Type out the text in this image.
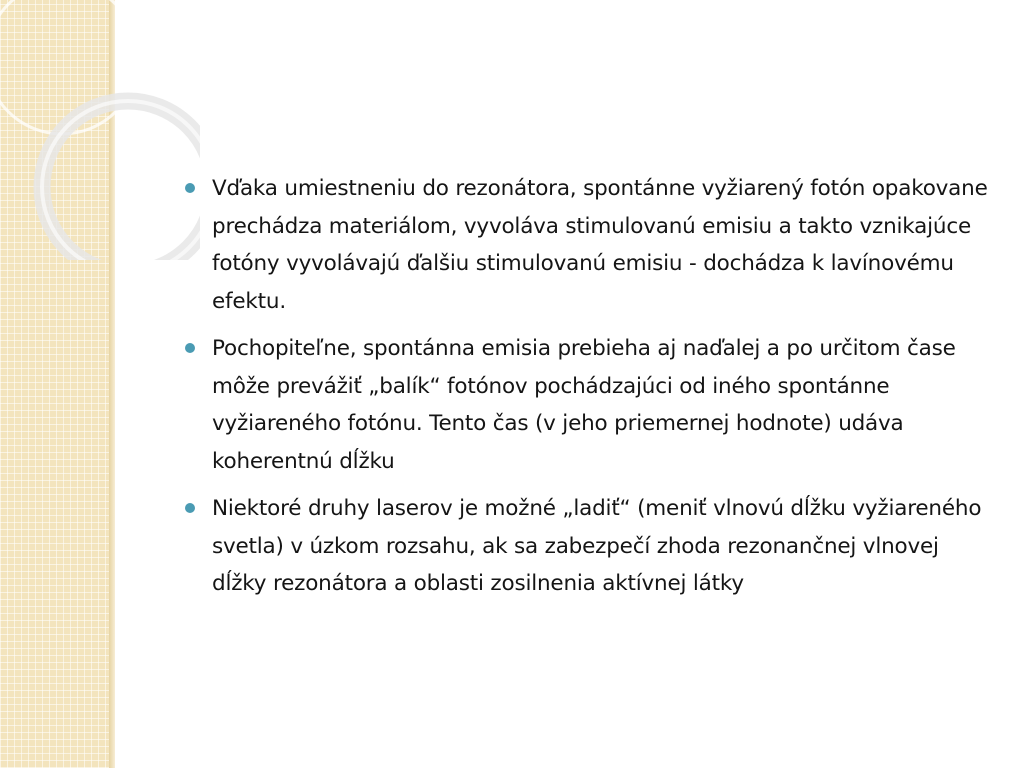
Vďaka umiestneniu do rezonátora, spontánne vyžiarený fotón opakovane prechádza materiálom, vyvoláva stimulovanú emisiu a takto vznikajúce fotóny vyvolávajú ďalšiu stimulovanú emisiu - dochádza k lavínovému efektu.
Pochopiteľne, spontánna emisia prebieha aj naďalej a po určitom čase môže prevážiť „balík“ fotónov pochádzajúci od iného spontánne vyžiareného fotónu. Tento čas (v jeho priemernej hodnote) udáva koherentnú dĺžku
Niektoré druhy laserov je možné „ladiť“ (meniť vlnovú dĺžku vyžiareného svetla) v úzkom rozsahu, ak sa zabezpečí zhoda rezonančnej vlnovej dĺžky rezonátora a oblasti zosilnenia aktívnej látky
